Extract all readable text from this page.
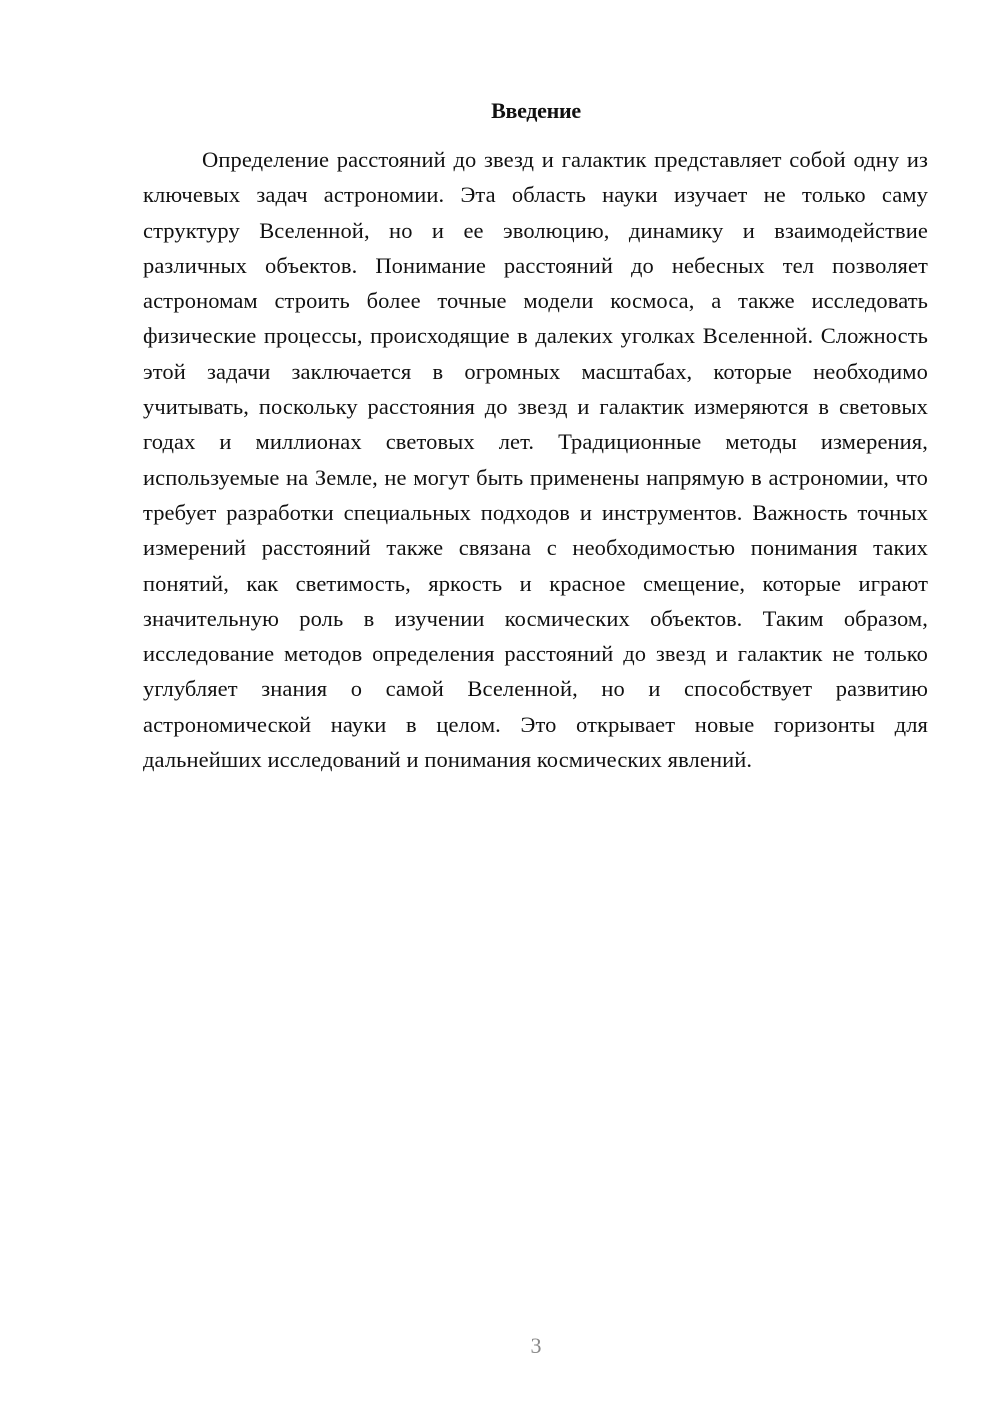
Введение

Определение расстояний до звезд и галактик представляет собой одну из ключевых задач астрономии. Эта область науки изучает не только саму структуру Вселенной, но и ее эволюцию, динамику и взаимодействие различных объектов. Понимание расстояний до небесных тел позволяет астрономам строить более точные модели космоса, а также исследовать физические процессы, происходящие в далеких уголках Вселенной. Сложность этой задачи заключается в огромных масштабах, которые необходимо учитывать, поскольку расстояния до звезд и галактик измеряются в световых годах и миллионах световых лет. Традиционные методы измерения, используемые на Земле, не могут быть применены напрямую в астрономии, что требует разработки специальных подходов и инструментов. Важность точных измерений расстояний также связана с необходимостью понимания таких понятий, как светимость, яркость и красное смещение, которые играют значительную роль в изучении космических объектов. Таким образом, исследование методов определения расстояний до звезд и галактик не только углубляет знания о самой Вселенной, но и способствует развитию астрономической науки в целом. Это открывает новые горизонты для дальнейших исследований и понимания космических явлений.

3
